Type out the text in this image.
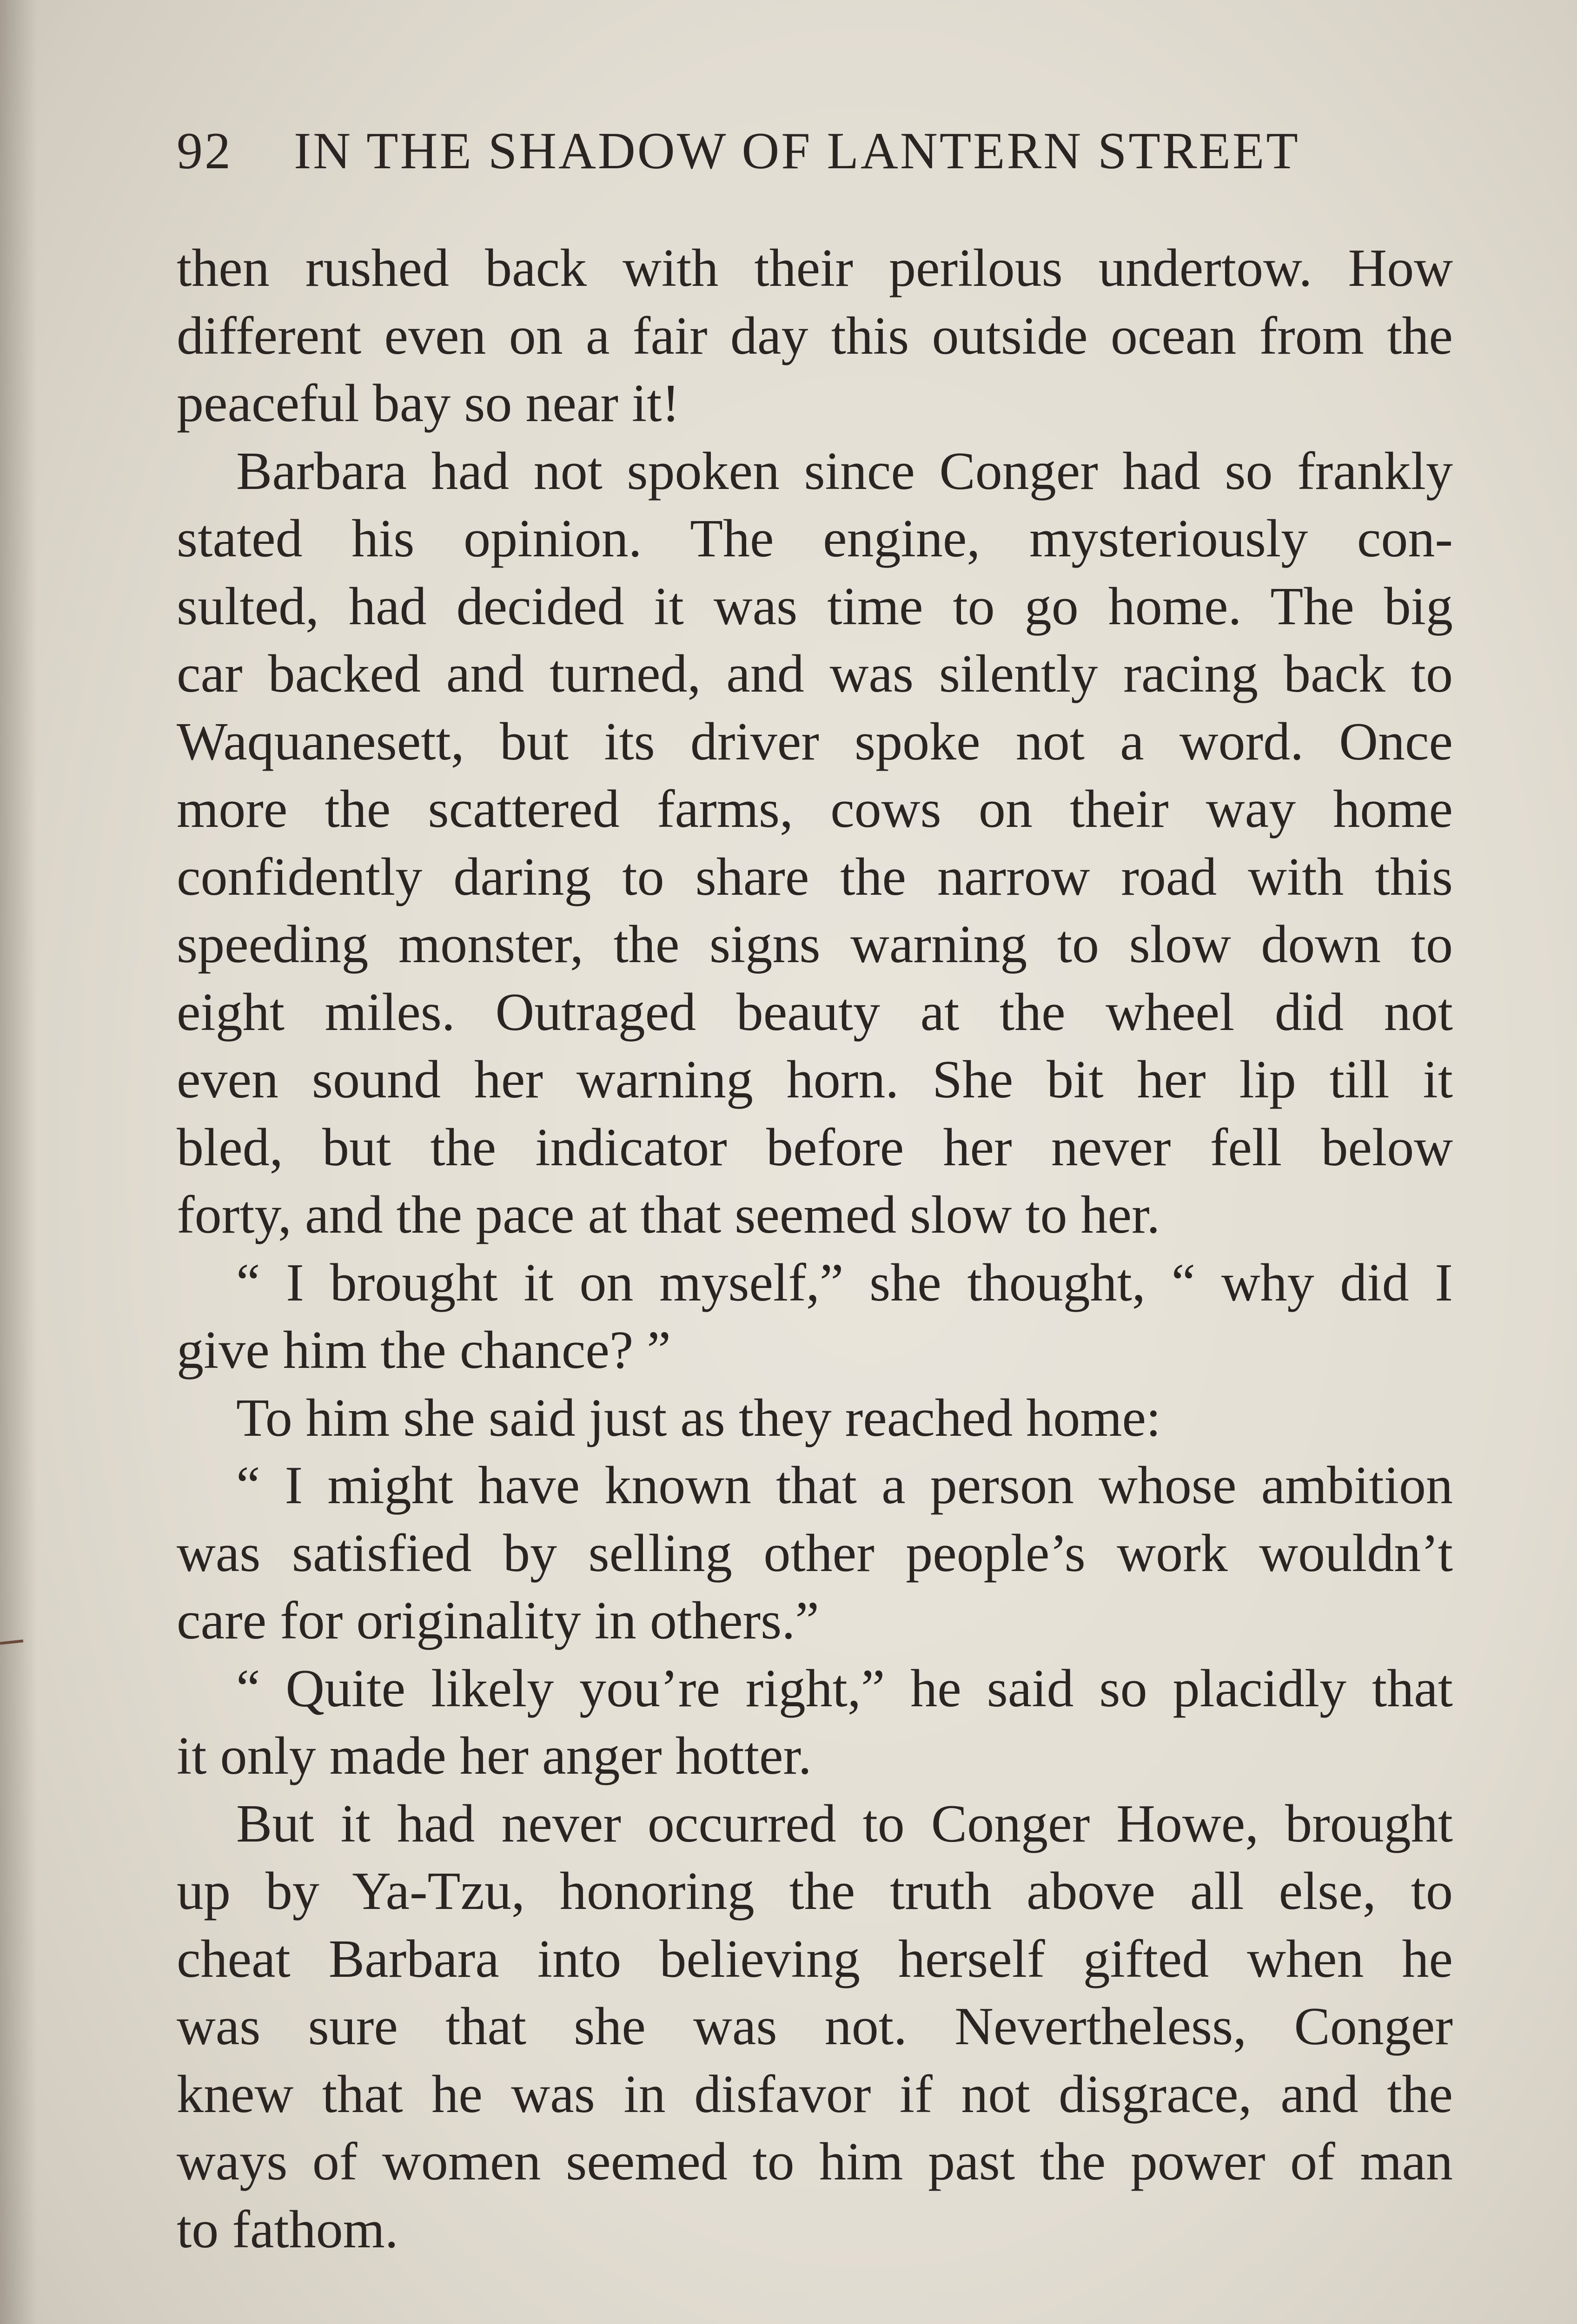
92 IN THE SHADOW OF LANTERN STREET
then rushed back with their perilous undertow. How
different even on a fair day this outside ocean from the
peaceful bay so near it!
Barbara had not spoken since Conger had so frankly
stated his opinion. The engine, mysteriously con-
sulted, had decided it was time to go home. The big
car backed and turned, and was silently racing back to
Waquanesett, but its driver spoke not a word. Once
more the scattered farms, cows on their way home
confidently daring to share the narrow road with this
speeding monster, the signs warning to slow down to
eight miles. Outraged beauty at the wheel did not
even sound her warning horn. She bit her lip till it
bled, but the indicator before her never fell below
forty, and the pace at that seemed slow to her.
“ I brought it on myself,” she thought, “ why did I
give him the chance? ”
To him she said just as they reached home:
“ I might have known that a person whose ambition
was satisfied by selling other people’s work wouldn’t
care for originality in others.”
“ Quite likely you’re right,” he said so placidly that
it only made her anger hotter.
But it had never occurred to Conger Howe, brought
up by Ya-Tzu, honoring the truth above all else, to
cheat Barbara into believing herself gifted when he
was sure that she was not. Nevertheless, Conger
knew that he was in disfavor if not disgrace, and the
ways of women seemed to him past the power of man
to fathom.
